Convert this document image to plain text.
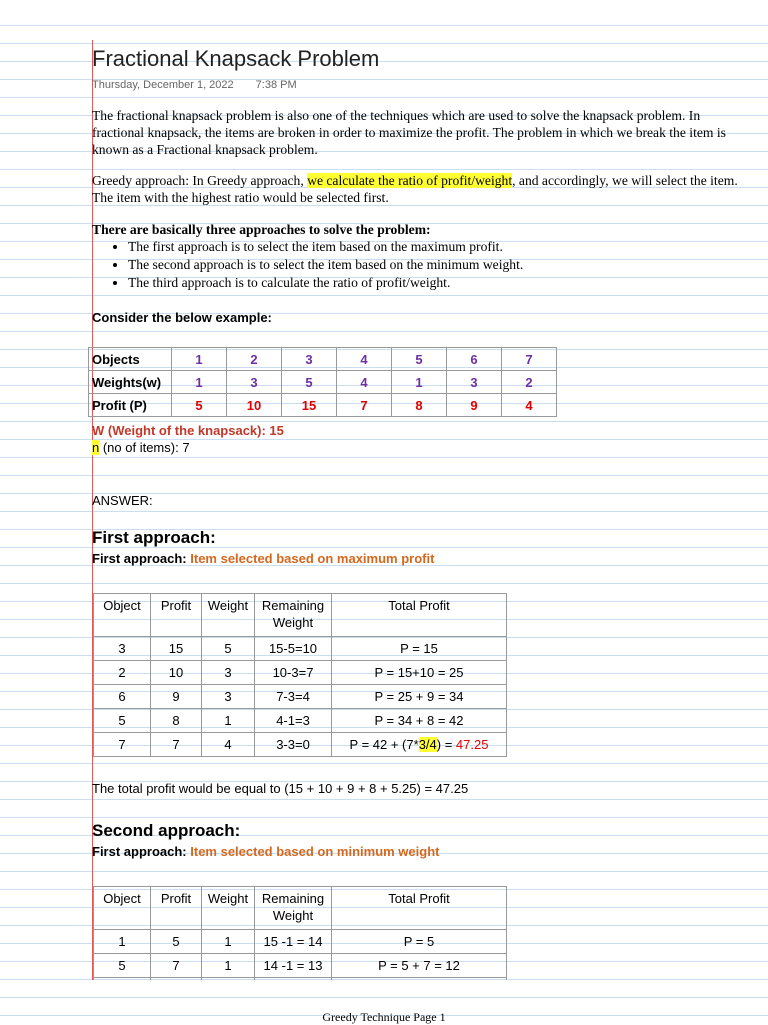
Fractional Knapsack Problem
Thursday, December 1, 2022 7:38 PM
The fractional knapsack problem is also one of the techniques which are used to solve the knapsack problem. In fractional knapsack, the items are broken in order to maximize the profit. The problem in which we break the item is known as a Fractional knapsack problem.
Greedy approach: In Greedy approach, we calculate the ratio of profit/weight, and accordingly, we will select the item. The item with the highest ratio would be selected first.
There are basically three approaches to solve the problem:
• The first approach is to select the item based on the maximum profit.
• The second approach is to select the item based on the minimum weight.
• The third approach is to calculate the ratio of profit/weight.
Consider the below example:
Objects	1	2	3	4	5	6	7
Weights(w)	1	3	5	4	1	3	2
Profit (P)	5	10	15	7	8	9	4
W (Weight of the knapsack): 15
n (no of items): 7
ANSWER:
First approach:
First approach: Item selected based on maximum profit
Object	Profit	Weight	Remaining Weight	Total Profit
3	15	5	15-5=10	P = 15
2	10	3	10-3=7	P = 15+10 = 25
6	9	3	7-3=4	P = 25 + 9 = 34
5	8	1	4-1=3	P = 34 + 8 = 42
7	7	4	3-3=0	P = 42 + (7*3/4) = 47.25
The total profit would be equal to (15 + 10 + 9 + 8 + 5.25) = 47.25
Second approach:
First approach: Item selected based on minimum weight
Object	Profit	Weight	Remaining Weight	Total Profit
1	5	1	15 -1 = 14	P = 5
5	7	1	14 -1 = 13	P = 5 + 7 = 12

Greedy Technique Page 1
